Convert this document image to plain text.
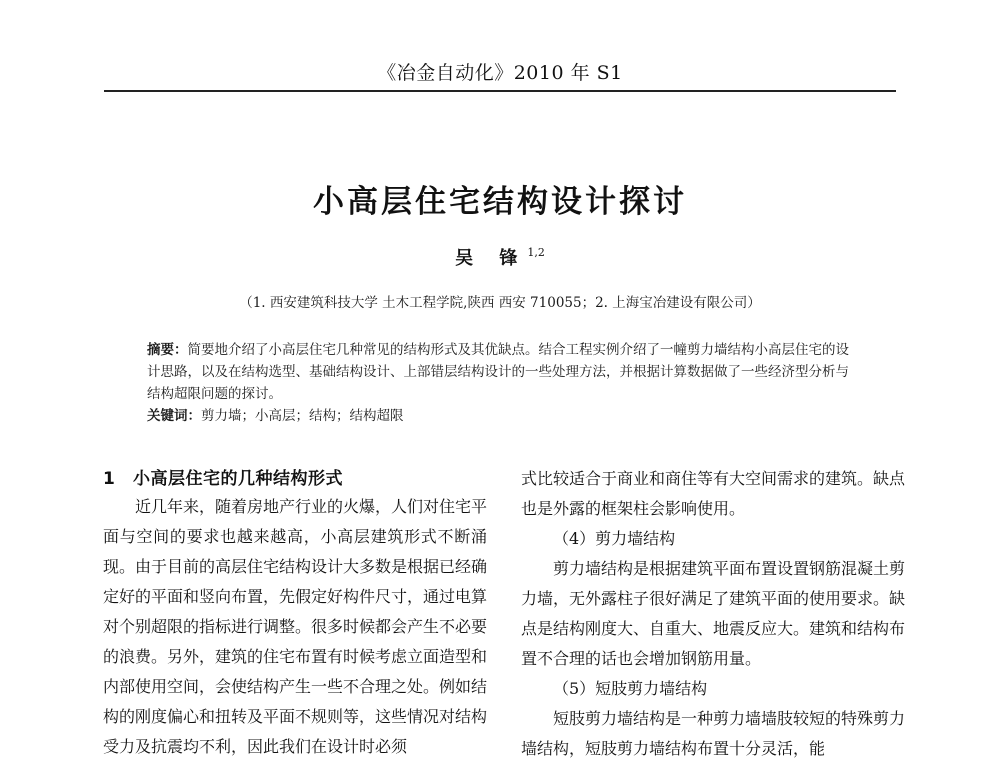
《冶金自动化》2010 年 S1
小高层住宅结构设计探讨
吴 锋$^{1,2}$
（1. 西安建筑科技大学 土木工程学院,陕西 西安 710055；2. 上海宝冶建设有限公司）
摘要：简要地介绍了小高层住宅几种常见的结构形式及其优缺点。结合工程实例介绍了一幢剪力墙结构小高层住宅的设计思路，以及在结构选型、基础结构设计、上部错层结构设计的一些处理方法，并根据计算数据做了一些经济型分析与结构超限问题的探讨。
关键词：剪力墙；小高层；结构；结构超限
1 小高层住宅的几种结构形式

近几年来，随着房地产行业的火爆，人们对住宅平面与空间的要求也越来越高，小高层建筑形式不断涌现。由于目前的高层住宅结构设计大多数是根据已经确定好的平面和竖向布置，先假定好构件尺寸，通过电算对个别超限的指标进行调整。很多时候都会产生不必要的浪费。另外，建筑的住宅布置有时候考虑立面造型和内部使用空间，会使结构产生一些不合理之处。例如结构的刚度偏心和扭转及平面不规则等，这些情况对结构受力及抗震均不利，因此我们在设计时必须

式比较适合于商业和商住等有大空间需求的建筑。缺点也是外露的框架柱会影响使用。

（4）剪力墙结构

剪力墙结构是根据建筑平面布置设置钢筋混凝土剪力墙，无外露柱子很好满足了建筑平面的使用要求。缺点是结构刚度大、自重大、地震反应大。建筑和结构布置不合理的话也会增加钢筋用量。

（5）短肢剪力墙结构

短肢剪力墙结构是一种剪力墙墙肢较短的特殊剪力墙结构，短肢剪力墙结构布置十分灵活，能
